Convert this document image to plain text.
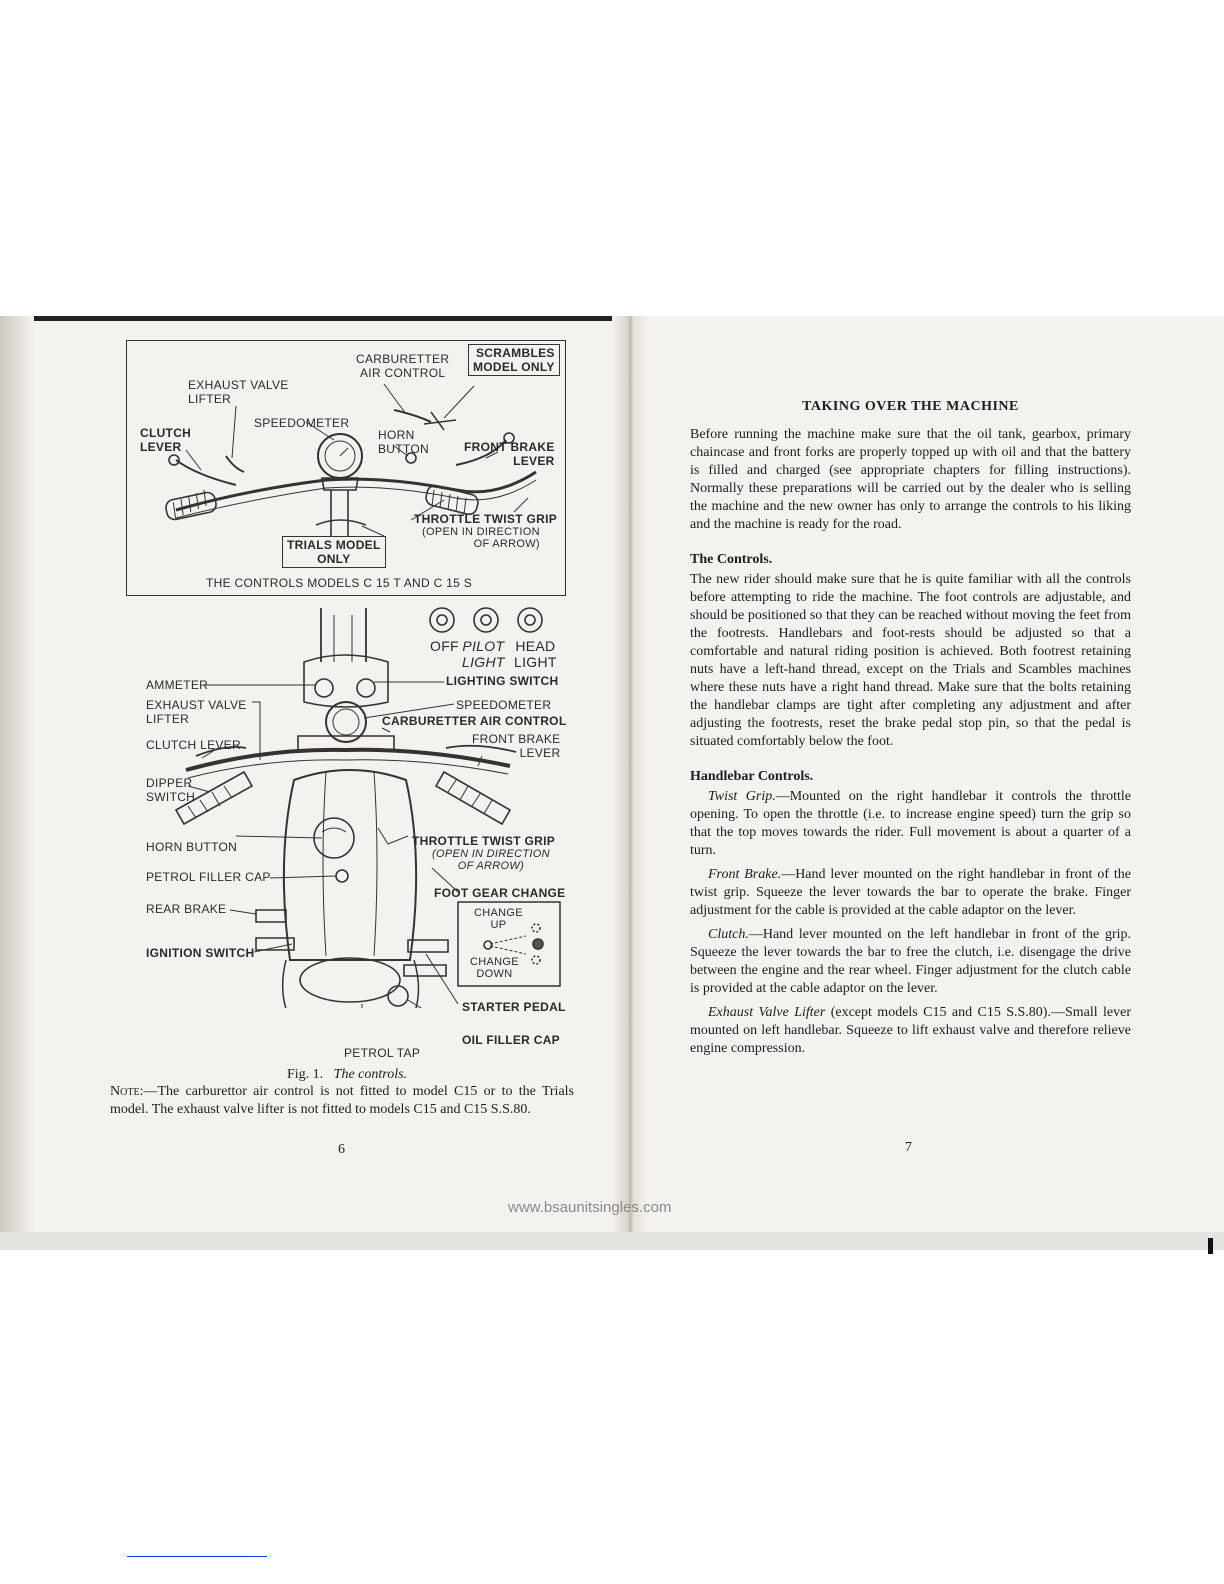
CARBURETTER
AIR CONTROL
SCRAMBLES
MODEL ONLY
EXHAUST VALVE
LIFTER
SPEEDOMETER
CLUTCH
LEVER
HORN
BUTTON	FRONT BRAKE
LEVER
THROTTLE TWIST GRIP
(OPEN IN DIRECTION
OF ARROW)
TRIALS MODEL
ONLY
THE CONTROLS MODELS C 15 T AND C 15 S
OFF PILOT
LIGHT
HEAD
LIGHT
AMMETER	LIGHTING SWITCH
EXHAUST VALVE
LIFTER
SPEEDOMETER
CARBURETTER AIR CONTROL
CLUTCH LEVER	FRONT BRAKE
LEVER
DIPPER
SWITCH
HORN BUTTON	THROTTLE TWIST GRIP
(OPEN IN DIRECTION
OF ARROW)
PETROL FILLER CAP
FOOT GEAR CHANGE
CHANGE
UP
CHANGE
DOWN
REAR BRAKE
IGNITION SWITCH
STARTER PEDAL
OIL FILLER CAP
PETROL TAP
Fig. 1. The controls.
Note:—The carburettor air control is not fitted to model C15 or to the Trials model. The exhaust valve lifter is not fitted to models C15 and C15 S.S.80.
6

TAKING OVER THE MACHINE

Before running the machine make sure that the oil tank, gearbox, primary chaincase and front forks are properly topped up with oil and that the battery is filled and charged (see appropriate chapters for filling instructions). Normally these preparations will be carried out by the dealer who is selling the machine and the new owner has only to arrange the controls to his liking and the machine is ready for the road.

The Controls.

The new rider should make sure that he is quite familiar with all the controls before attempting to ride the machine. The foot controls are adjustable, and should be positioned so that they can be reached without moving the feet from the footrests. Handlebars and foot-rests should be adjusted so that a comfortable and natural riding position is achieved. Both footrest retaining nuts have a left-hand thread, except on the Trials and Scambles machines where these nuts have a right hand thread. Make sure that the bolts retaining the handlebar clamps are tight after completing any adjustment and after adjusting the footrests, reset the brake pedal stop pin, so that the pedal is situated comfortably below the foot.

Handlebar Controls.

Twist Grip.—Mounted on the right handlebar it controls the throttle opening. To open the throttle (i.e. to increase engine speed) turn the grip so that the top moves towards the rider. Full movement is about a quarter of a turn.

Front Brake.—Hand lever mounted on the right handlebar in front of the twist grip. Squeeze the lever towards the bar to operate the brake. Finger adjustment for the cable is provided at the cable adaptor on the lever.

Clutch.—Hand lever mounted on the left handlebar in front of the grip. Squeeze the lever towards the bar to free the clutch, i.e. disengage the drive between the engine and the rear wheel. Finger adjustment for the clutch cable is provided at the cable adaptor on the lever.

Exhaust Valve Lifter (except models C15 and C15 S.S.80).—Small lever mounted on left handlebar. Squeeze to lift exhaust valve and therefore relieve engine compression.

7
www.bsaunitsingles.com
